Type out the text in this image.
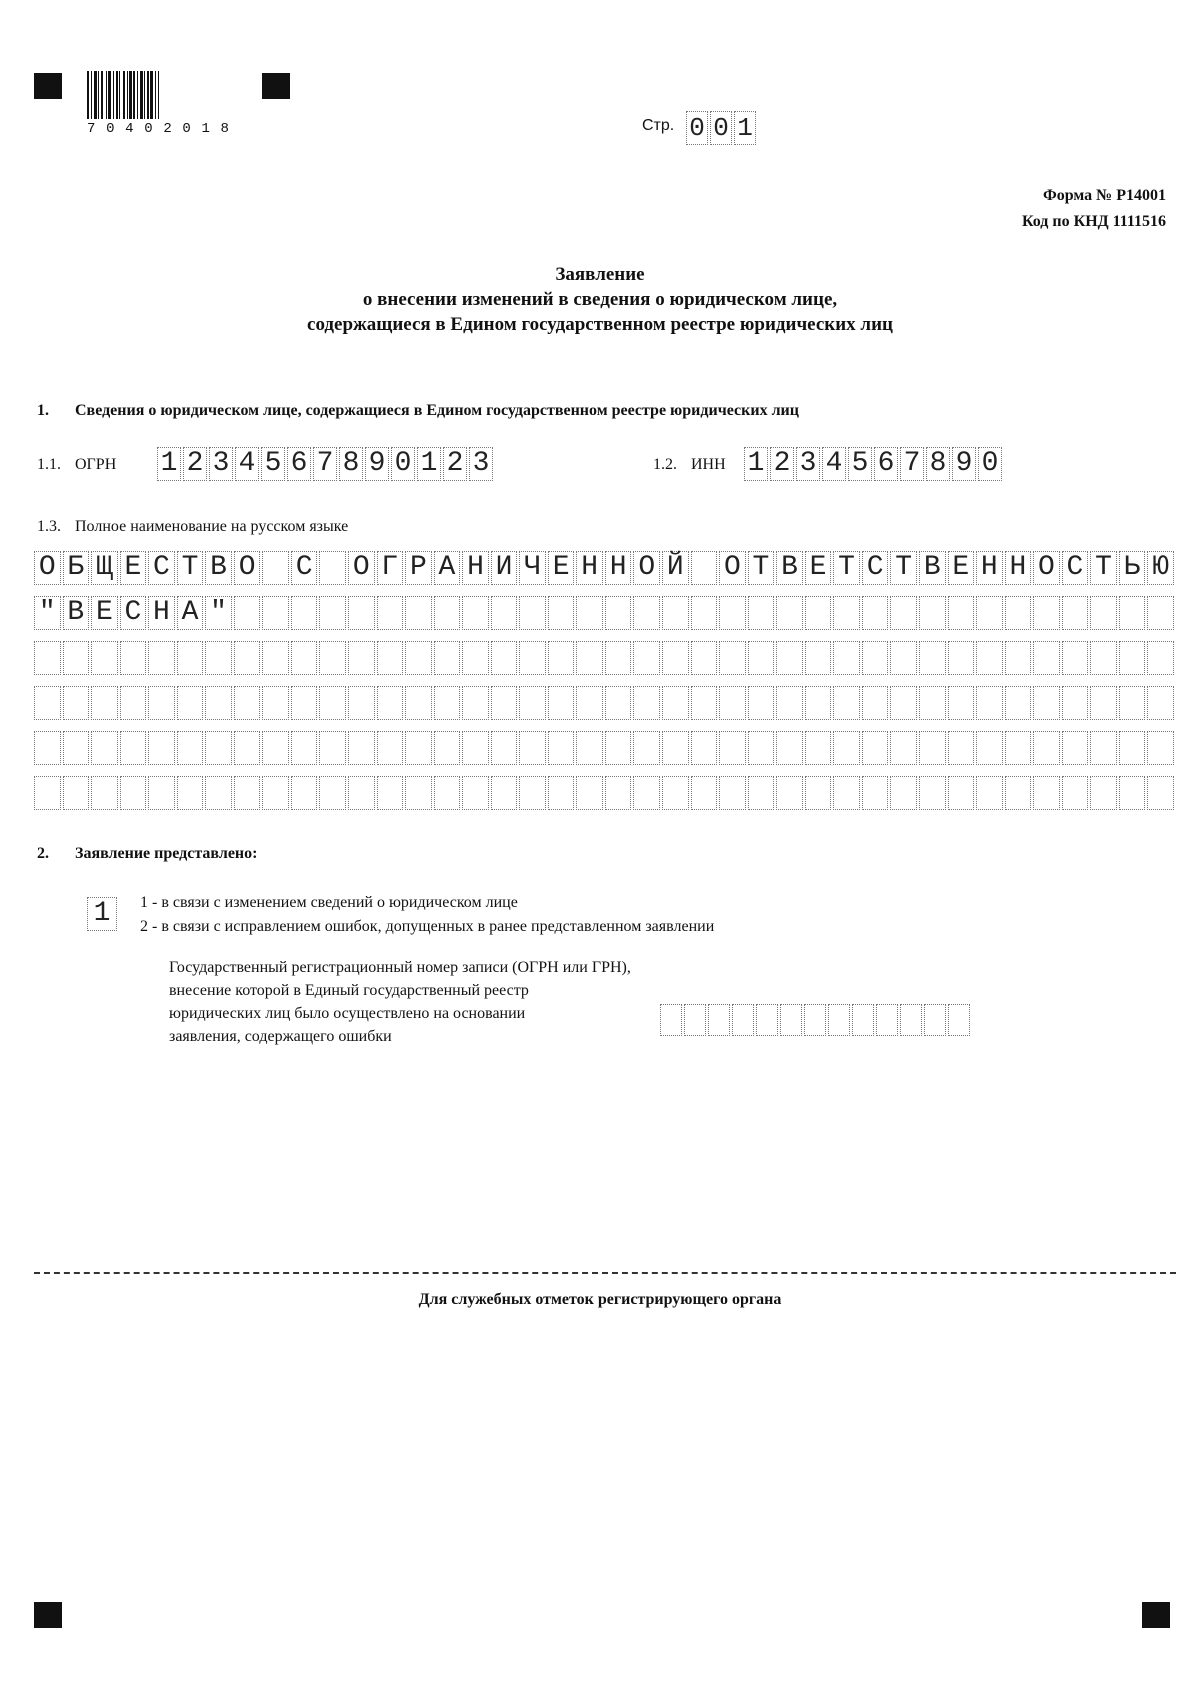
7 0 4 0 2 0 1 8	Стр. 0 0 1
Форма № Р14001
Код по КНД 1111516
Заявление
о внесении изменений в сведения о юридическом лице,
содержащиеся в Едином государственном реестре юридических лиц
1. Сведения о юридическом лице, содержащиеся в Едином государственном реестре юридических лиц
1.1. ОГРН 1 2 3 4 5 6 7 8 9 0 1 2 3	1.2. ИНН 1 2 3 4 5 6 7 8 9 0
1.3. Полное наименование на русском языке
О Б Щ Е С Т В О С О Г Р А Н И Ч Е Н Н О Й О Т В Е Т С Т В Е Н Н О С Т Ь Ю
" В Е С Н А "
2. Заявление представлено:
1	1 - в связи с изменением сведений о юридическом лице
2 - в связи с исправлением ошибок, допущенных в ранее представленном заявлении
Государственный регистрационный номер записи (ОГРН или ГРН),
внесение которой в Единый государственный реестр
юридических лиц было осуществлено на основании
заявления, содержащего ошибки
Для служебных отметок регистрирующего органа
